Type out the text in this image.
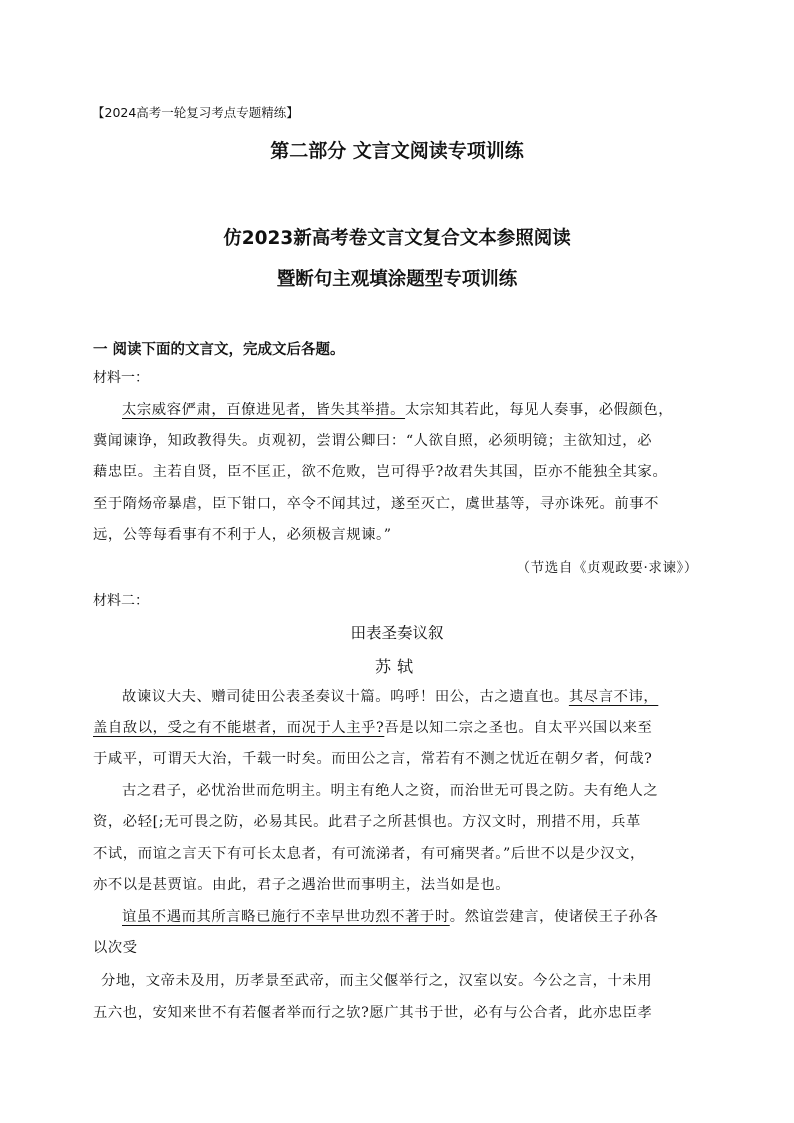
【2024高考一轮复习考点专题精练】
第二部分 文言文阅读专项训练
仿2023新高考卷文言文复合文本参照阅读
暨断句主观填涂题型专项训练
一 阅读下面的文言文，完成文后各题。
材料一：
太宗威容俨肃，百僚进见者，皆失其举措。太宗知其若此，每见人奏事，必假颜色，
冀闻谏诤，知政教得失。贞观初，尝谓公卿曰：“人欲自照，必须明镜；主欲知过，必
藉忠臣。主若自贤，臣不匡正，欲不危败，岂可得乎?故君失其国，臣亦不能独全其家。
至于隋炀帝暴虐，臣下钳口，卒令不闻其过，遂至灭亡，虞世基等，寻亦诛死。前事不
远，公等每看事有不利于人，必须极言规谏。”
（节选自《贞观政要·求谏》）
材料二：
田表圣奏议叙
苏轼
故谏议大夫、赠司徒田公表圣奏议十篇。呜呼！田公，古之遗直也。其尽言不讳，
盖自敌以，受之有不能堪者，而况于人主乎?吾是以知二宗之圣也。自太平兴国以来至
于咸平，可谓天大治，千载一时矣。而田公之言，常若有不测之忧近在朝夕者，何哉?
古之君子，必忧治世而危明主。明主有绝人之资，而治世无可畏之防。夫有绝人之
资，必轻[;无可畏之防，必易其民。此君子之所甚惧也。方汉文时，刑措不用，兵革
不试，而谊之言天下有可长太息者，有可流涕者，有可痛哭者。”后世不以是少汉文，
亦不以是甚贾谊。由此，君子之遇治世而事明主，法当如是也。
谊虽不遇而其所言略已施行不幸早世功烈不著于时。然谊尝建言，使诸侯王子孙各
以次受
分地，文帝未及用，历孝景至武帝，而主父偃举行之，汉室以安。今公之言，十未用
五六也，安知来世不有若偃者举而行之欤?愿广其书于世，必有与公合者，此亦忠臣孝
